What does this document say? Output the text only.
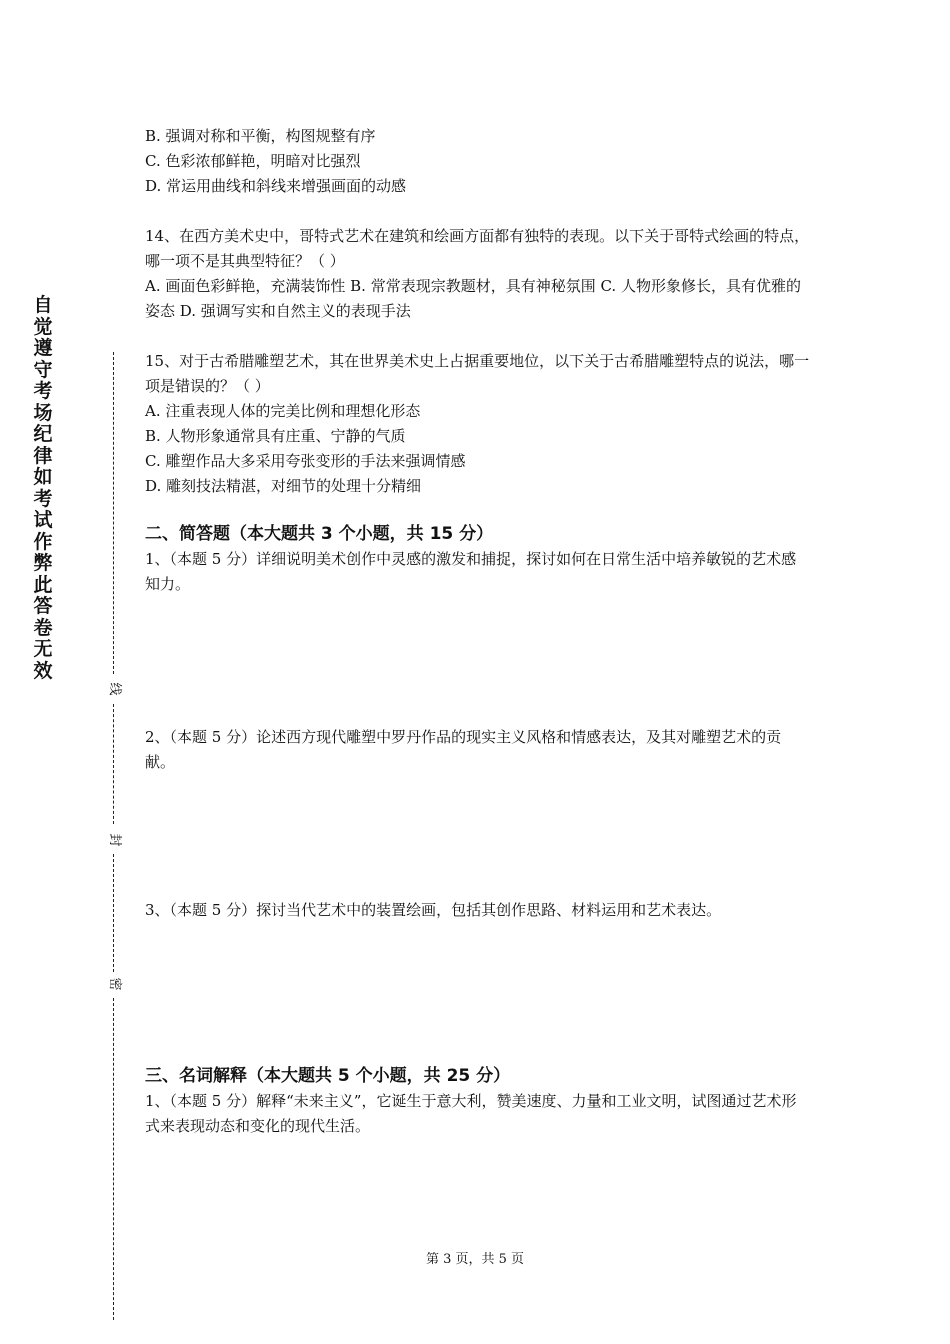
自觉遵守考场纪律如考试作弊此答卷无效
线
封
密

B. 强调对称和平衡，构图规整有序

C. 色彩浓郁鲜艳，明暗对比强烈

D. 常运用曲线和斜线来增强画面的动感

14、在西方美术史中，哥特式艺术在建筑和绘画方面都有独特的表现。以下关于哥特式绘画的特点，哪一项不是其典型特征？（ ）

A. 画面色彩鲜艳，充满装饰性 B. 常常表现宗教题材，具有神秘氛围 C. 人物形象修长，具有优雅的姿态 D. 强调写实和自然主义的表现手法

15、对于古希腊雕塑艺术，其在世界美术史上占据重要地位，以下关于古希腊雕塑特点的说法，哪一项是错误的？（ ）

A. 注重表现人体的完美比例和理想化形态

B. 人物形象通常具有庄重、宁静的气质

C. 雕塑作品大多采用夸张变形的手法来强调情感

D. 雕刻技法精湛，对细节的处理十分精细

二、简答题（本大题共 3 个小题，共 15 分）

1、（本题 5 分）详细说明美术创作中灵感的激发和捕捉，探讨如何在日常生活中培养敏锐的艺术感知力。

2、（本题 5 分）论述西方现代雕塑中罗丹作品的现实主义风格和情感表达，及其对雕塑艺术的贡献。

3、（本题 5 分）探讨当代艺术中的装置绘画，包括其创作思路、材料运用和艺术表达。

三、名词解释（本大题共 5 个小题，共 25 分）

1、（本题 5 分）解释“未来主义”，它诞生于意大利，赞美速度、力量和工业文明，试图通过艺术形式来表现动态和变化的现代生活。

第 3 页，共 5 页
